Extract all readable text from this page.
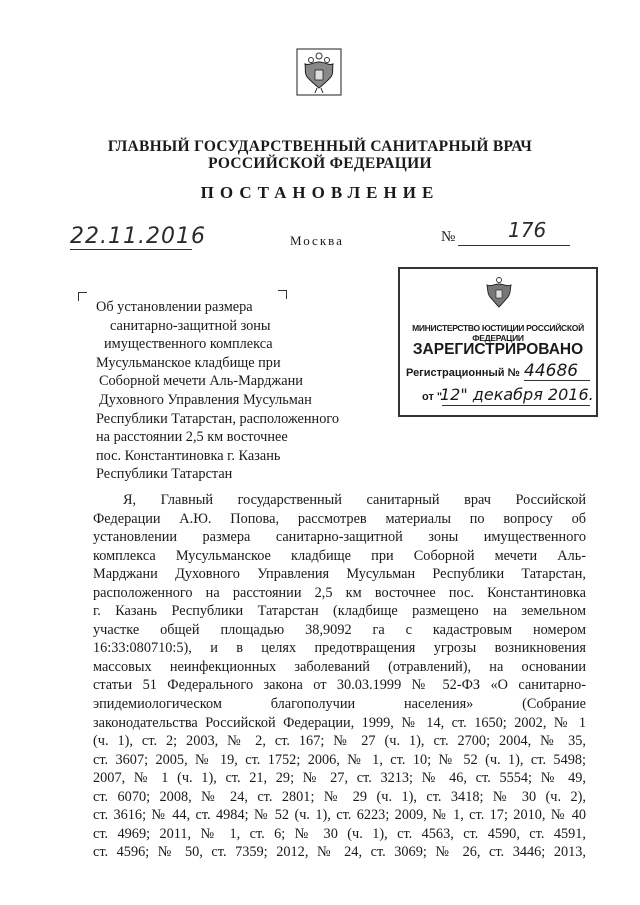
ГЛАВНЫЙ ГОСУДАРСТВЕННЫЙ САНИТАРНЫЙ ВРАЧ
РОССИЙСКОЙ ФЕДЕРАЦИИ
ПОСТАНОВЛЕНИЕ
22.11.2016	Москва	№	176
Об установлении размера
санитарно-защитной зоны
имущественного комплекса
Мусульманское кладбище при
Соборной мечети Аль-Марджани
Духовного Управления Мусульман
Республики Татарстан, расположенного
на расстоянии 2,5 км восточнее
пос. Константиновка г. Казань
Республики Татарстан
МИНИСТЕРСТВО ЮСТИЦИИ РОССИЙСКОЙ ФЕДЕРАЦИИ
ЗАРЕГИСТРИРОВАНО
Регистрационный № 44686
от "
12" декабря 2016.
Я, Главный государственный санитарный врач Российской
Федерации А.Ю. Попова, рассмотрев материалы по вопросу об
установлении размера санитарно-защитной зоны имущественного
комплекса Мусульманское кладбище при Соборной мечети Аль-
Марджани Духовного Управления Мусульман Республики Татарстан,
расположенного на расстоянии 2,5 км восточнее пос. Константиновка
г. Казань Республики Татарстан (кладбище размещено на земельном
участке общей площадью 38,9092 га с кадастровым номером
16:33:080710:5), и в целях предотвращения угрозы возникновения
массовых неинфекционных заболеваний (отравлений), на основании
статьи 51 Федерального закона от 30.03.1999 № 52-ФЗ «О санитарно-
эпидемиологическом благополучии населения» (Собрание
законодательства Российской Федерации, 1999, № 14, ст. 1650; 2002, № 1
(ч. 1), ст. 2; 2003, № 2, ст. 167; № 27 (ч. 1), ст. 2700; 2004, № 35,
ст. 3607; 2005, № 19, ст. 1752; 2006, № 1, ст. 10; № 52 (ч. 1), ст. 5498;
2007, № 1 (ч. 1), ст. 21, 29; № 27, ст. 3213; № 46, ст. 5554; № 49,
ст. 6070; 2008, № 24, ст. 2801; № 29 (ч. 1), ст. 3418; № 30 (ч. 2),
ст. 3616; № 44, ст. 4984; № 52 (ч. 1), ст. 6223; 2009, № 1, ст. 17; 2010, № 40
ст. 4969; 2011, № 1, ст. 6; № 30 (ч. 1), ст. 4563, ст. 4590, ст. 4591,
ст. 4596; № 50, ст. 7359; 2012, № 24, ст. 3069; № 26, ст. 3446; 2013,
